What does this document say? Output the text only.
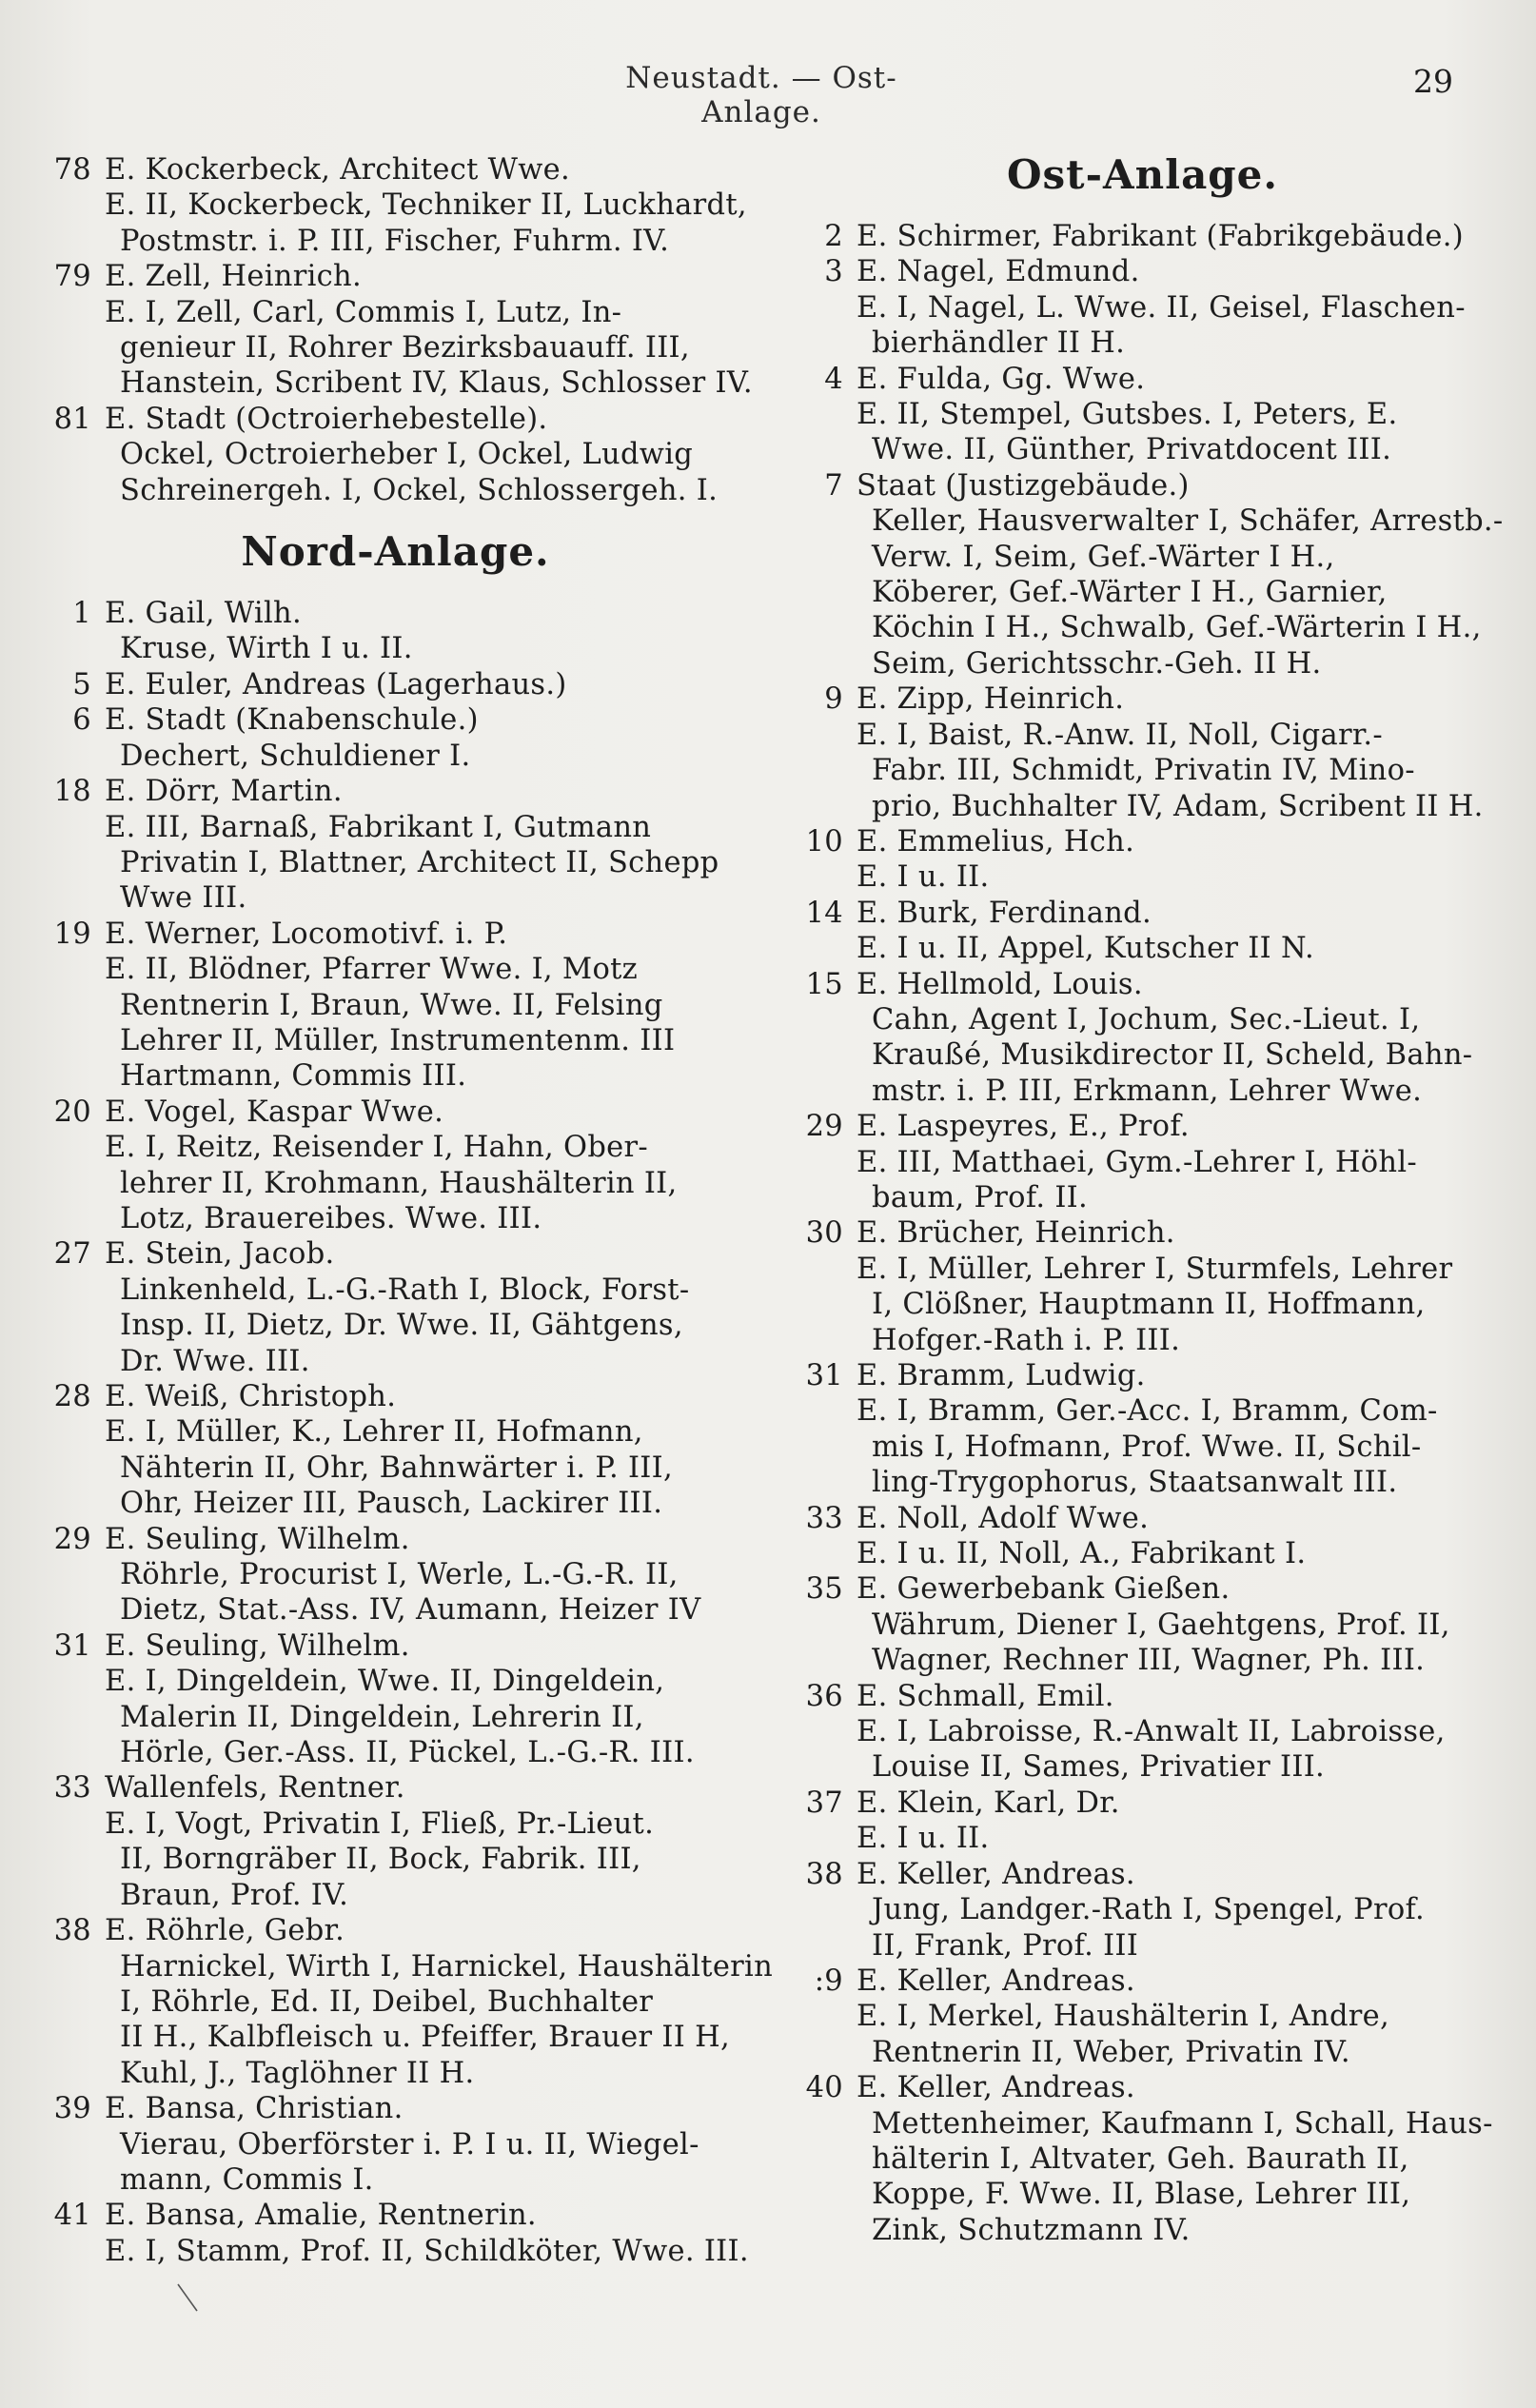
Neustadt. — Ost-Anlage.
29
78 E. Kockerbeck, Architect Wwe.
E. II, Kockerbeck, Techniker II, Luckhardt,
Postmstr. i. P. III, Fischer, Fuhrm. IV.
79 E. Zell, Heinrich.
E. I, Zell, Carl, Commis I, Lutz, In-
genieur II, Rohrer Bezirksbauauff. III,
Hanstein, Scribent IV, Klaus, Schlosser IV.
81 E. Stadt (Octroierhebestelle).
Ockel, Octroierheber I, Ockel, Ludwig
Schreinergeh. I, Ockel, Schlossergeh. I.
Nord-Anlage.
1 E. Gail, Wilh.
Kruse, Wirth I u. II.
5 E. Euler, Andreas (Lagerhaus.)
6 E. Stadt (Knabenschule.)
Dechert, Schuldiener I.
18 E. Dörr, Martin.
E. III, Barnaß, Fabrikant I, Gutmann
Privatin I, Blattner, Architect II, Schepp
Wwe III.
19 E. Werner, Locomotivf. i. P.
E. II, Blödner, Pfarrer Wwe. I, Motz
Rentnerin I, Braun, Wwe. II, Felsing
Lehrer II, Müller, Instrumentenm. III
Hartmann, Commis III.
20 E. Vogel, Kaspar Wwe.
E. I, Reitz, Reisender I, Hahn, Ober-
lehrer II, Krohmann, Haushälterin II,
Lotz, Brauereibes. Wwe. III.
27 E. Stein, Jacob.
Linkenheld, L.-G.-Rath I, Block, Forst-
Insp. II, Dietz, Dr. Wwe. II, Gähtgens,
Dr. Wwe. III.
28 E. Weiß, Christoph.
E. I, Müller, K., Lehrer II, Hofmann,
Nähterin II, Ohr, Bahnwärter i. P. III,
Ohr, Heizer III, Pausch, Lackirer III.
29 E. Seuling, Wilhelm.
Röhrle, Procurist I, Werle, L.-G.-R. II,
Dietz, Stat.-Ass. IV, Aumann, Heizer IV
31 E. Seuling, Wilhelm.
E. I, Dingeldein, Wwe. II, Dingeldein,
Malerin II, Dingeldein, Lehrerin II,
Hörle, Ger.-Ass. II, Pückel, L.-G.-R. III.
33 Wallenfels, Rentner.
E. I, Vogt, Privatin I, Fließ, Pr.-Lieut.
II, Borngräber II, Bock, Fabrik. III,
Braun, Prof. IV.
38 E. Röhrle, Gebr.
Harnickel, Wirth I, Harnickel, Haushälterin
I, Röhrle, Ed. II, Deibel, Buchhalter
II H., Kalbfleisch u. Pfeiffer, Brauer II H,
Kuhl, J., Taglöhner II H.
39 E. Bansa, Christian.
Vierau, Oberförster i. P. I u. II, Wiegel-
mann, Commis I.
41 E. Bansa, Amalie, Rentnerin.
E. I, Stamm, Prof. II, Schildköter, Wwe. III.
Ost-Anlage.
2 E. Schirmer, Fabrikant (Fabrikgebäude.)
3 E. Nagel, Edmund.
E. I, Nagel, L. Wwe. II, Geisel, Flaschen-
bierhändler II H.
4 E. Fulda, Gg. Wwe.
E. II, Stempel, Gutsbes. I, Peters, E.
Wwe. II, Günther, Privatdocent III.
7 Staat (Justizgebäude.)
Keller, Hausverwalter I, Schäfer, Arrestb.-
Verw. I, Seim, Gef.-Wärter I H.,
Köberer, Gef.-Wärter I H., Garnier,
Köchin I H., Schwalb, Gef.-Wärterin I H.,
Seim, Gerichtsschr.-Geh. II H.
9 E. Zipp, Heinrich.
E. I, Baist, R.-Anw. II, Noll, Cigarr.-
Fabr. III, Schmidt, Privatin IV, Mino-
prio, Buchhalter IV, Adam, Scribent II H.
10 E. Emmelius, Hch.
E. I u. II.
14 E. Burk, Ferdinand.
E. I u. II, Appel, Kutscher II N.
15 E. Hellmold, Louis.
Cahn, Agent I, Jochum, Sec.-Lieut. I,
Kraußé, Musikdirector II, Scheld, Bahn-
mstr. i. P. III, Erkmann, Lehrer Wwe.
29 E. Laspeyres, E., Prof.
E. III, Matthaei, Gym.-Lehrer I, Höhl-
baum, Prof. II.
30 E. Brücher, Heinrich.
E. I, Müller, Lehrer I, Sturmfels, Lehrer
I, Clößner, Hauptmann II, Hoffmann,
Hofger.-Rath i. P. III.
31 E. Bramm, Ludwig.
E. I, Bramm, Ger.-Acc. I, Bramm, Com-
mis I, Hofmann, Prof. Wwe. II, Schil-
ling-Trygophorus, Staatsanwalt III.
33 E. Noll, Adolf Wwe.
E. I u. II, Noll, A., Fabrikant I.
35 E. Gewerbebank Gießen.
Währum, Diener I, Gaehtgens, Prof. II,
Wagner, Rechner III, Wagner, Ph. III.
36 E. Schmall, Emil.
E. I, Labroisse, R.-Anwalt II, Labroisse,
Louise II, Sames, Privatier III.
37 E. Klein, Karl, Dr.
E. I u. II.
38 E. Keller, Andreas.
Jung, Landger.-Rath I, Spengel, Prof.
II, Frank, Prof. III
:9 E. Keller, Andreas.
E. I, Merkel, Haushälterin I, Andre,
Rentnerin II, Weber, Privatin IV.
40 E. Keller, Andreas.
Mettenheimer, Kaufmann I, Schall, Haus-
hälterin I, Altvater, Geh. Baurath II,
Koppe, F. Wwe. II, Blase, Lehrer III,
Zink, Schutzmann IV.
